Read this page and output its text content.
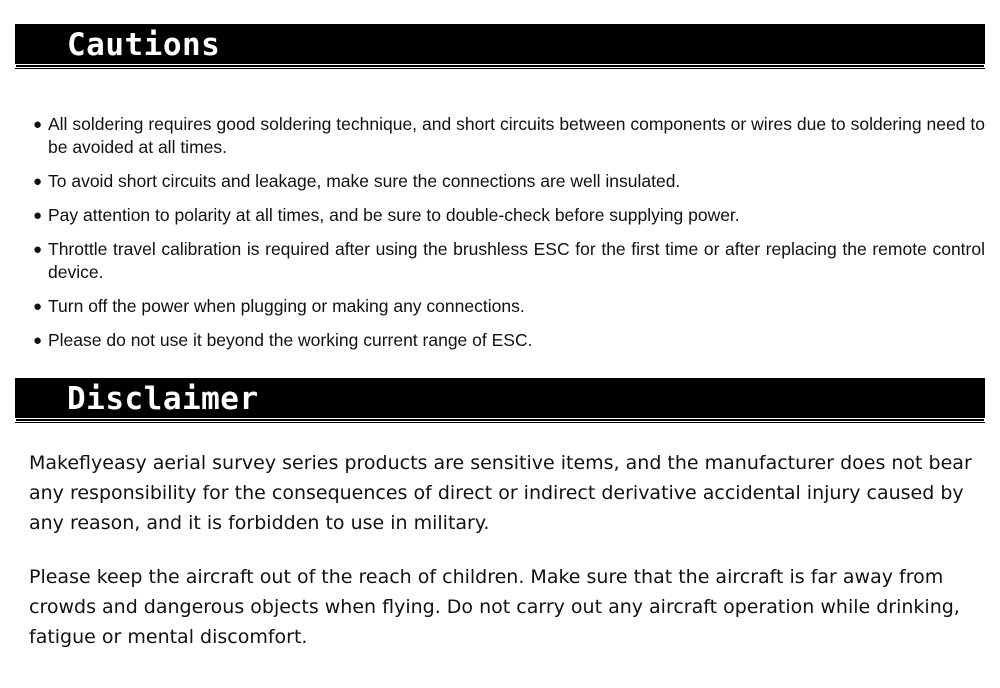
Cautions
● All soldering requires good soldering technique, and short circuits between components or wires due to soldering need to be avoided at all times.
● To avoid short circuits and leakage, make sure the connections are well insulated.
● Pay attention to polarity at all times, and be sure to double-check before supplying power.
● Throttle travel calibration is required after using the brushless ESC for the first time or after replacing the remote control device.
● Turn off the power when plugging or making any connections.
● Please do not use it beyond the working current range of ESC.
Disclaimer

Makeflyeasy aerial survey series products are sensitive items, and the manufacturer does not bear any responsibility for the consequences of direct or indirect derivative accidental injury caused by any reason, and it is forbidden to use in military.

Please keep the aircraft out of the reach of children. Make sure that the aircraft is far away from crowds and dangerous objects when flying. Do not carry out any aircraft operation while drinking, fatigue or mental discomfort.
